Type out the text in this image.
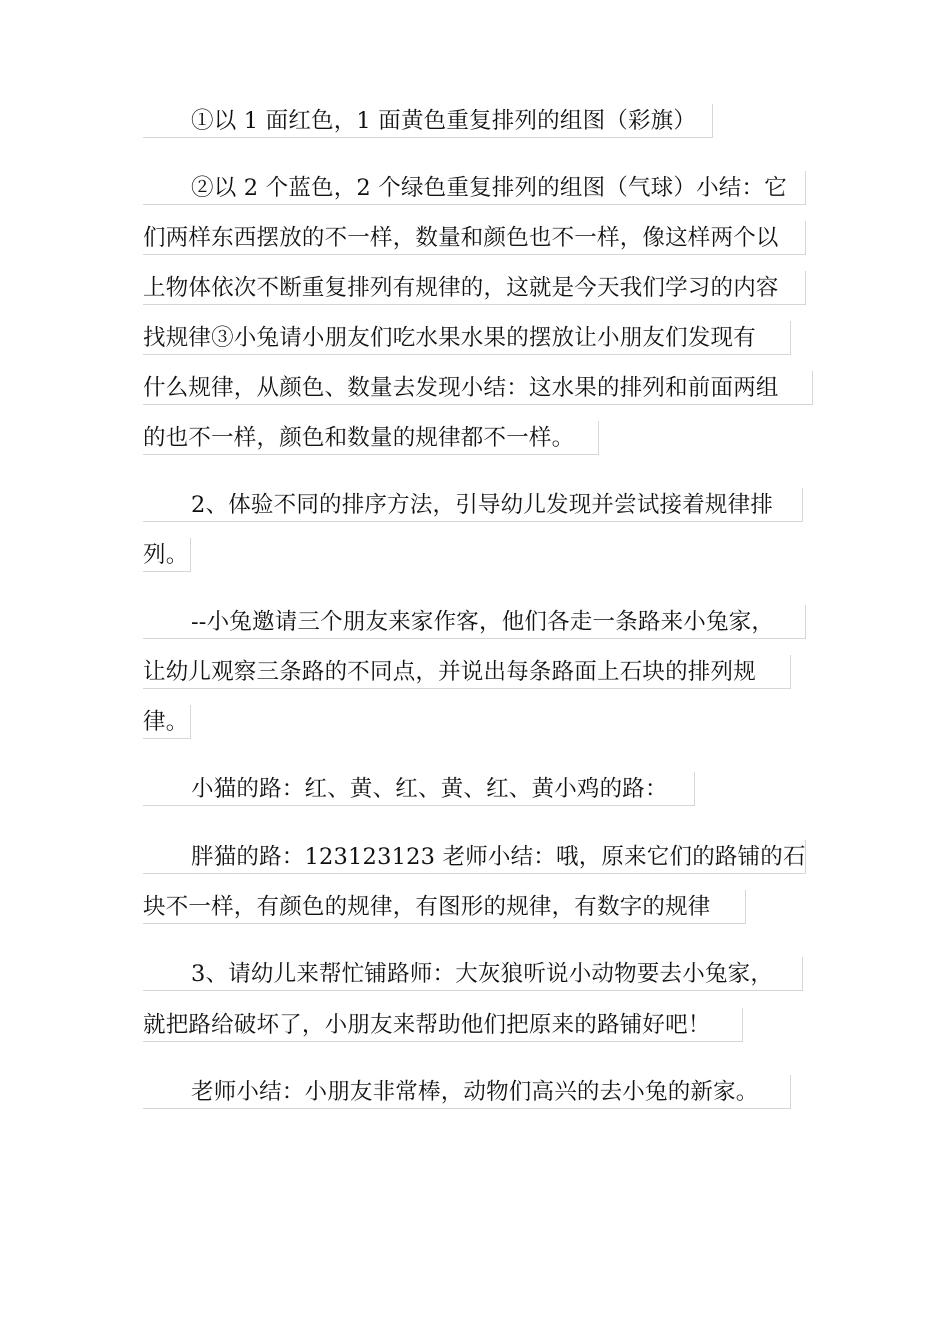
①以 1 面红色，1 面黄色重复排列的组图（彩旗）
②以 2 个蓝色，2 个绿色重复排列的组图（气球）小结：它
们两样东西摆放的不一样，数量和颜色也不一样，像这样两个以
上物体依次不断重复排列有规律的，这就是今天我们学习的内容
找规律③小兔请小朋友们吃水果水果的摆放让小朋友们发现有
什么规律，从颜色、数量去发现小结：这水果的排列和前面两组
的也不一样，颜色和数量的规律都不一样。
2、体验不同的排序方法，引导幼儿发现并尝试接着规律排
列。
--小兔邀请三个朋友来家作客，他们各走一条路来小兔家，
让幼儿观察三条路的不同点，并说出每条路面上石块的排列规
律。
小猫的路：红、黄、红、黄、红、黄小鸡的路：
胖猫的路：123123123 老师小结：哦，原来它们的路铺的石
块不一样，有颜色的规律，有图形的规律，有数字的规律
3、请幼儿来帮忙铺路师：大灰狼听说小动物要去小兔家，
就把路给破坏了，小朋友来帮助他们把原来的路铺好吧！
老师小结：小朋友非常棒，动物们高兴的去小兔的新家。
